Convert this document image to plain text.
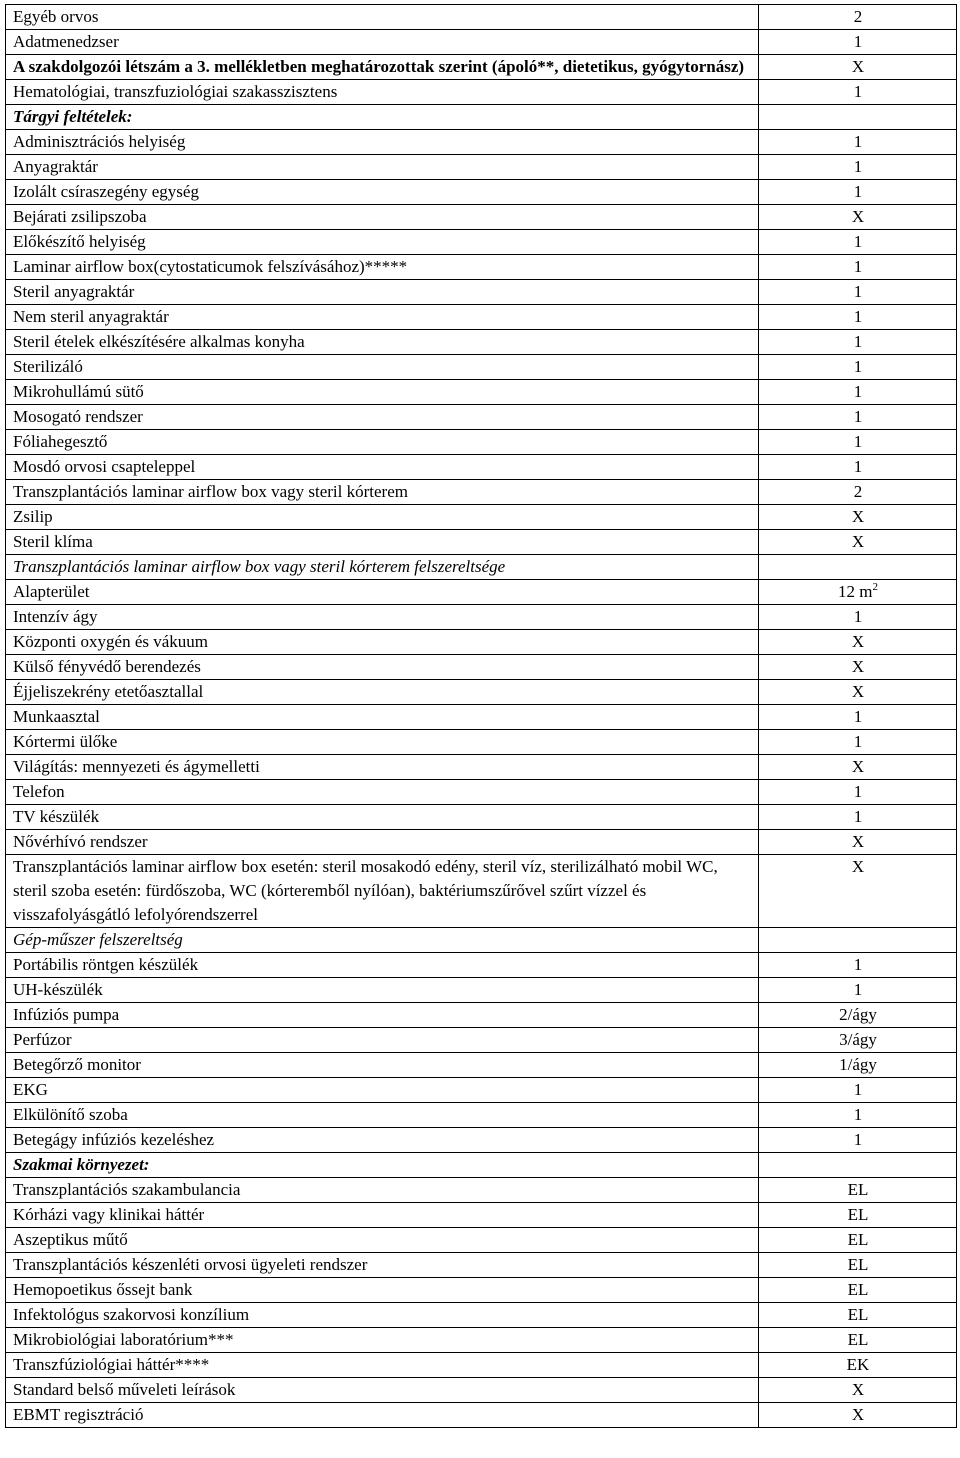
Egyéb orvos	2
Adatmenedzser	1
A szakdolgozói létszám a 3. mellékletben meghatározottak szerint (ápoló**, dietetikus, gyógytornász)	X
Hematológiai, transzfuziológiai szakasszisztens	1
Tárgyi feltételek:	
Adminisztrációs helyiség	1
Anyagraktár	1
Izolált csíraszegény egység	1
Bejárati zsilipszoba	X
Előkészítő helyiség	1
Laminar airflow box(cytostaticumok felszívásához)*****	1
Steril anyagraktár	1
Nem steril anyagraktár	1
Steril ételek elkészítésére alkalmas konyha	1
Sterilizáló	1
Mikrohullámú sütő	1
Mosogató rendszer	1
Fóliahegesztő	1
Mosdó orvosi csapteleppel	1
Transzplantációs laminar airflow box vagy steril kórterem	2
Zsilip	X
Steril klíma	X
Transzplantációs laminar airflow box vagy steril kórterem felszereltsége	
Alapterület	12 $m^2$
Intenzív ágy	1
Központi oxygén és vákuum	X
Külső fényvédő berendezés	X
Éjjeliszekrény etetőasztallal	X
Munkaasztal	1
Kórtermi ülőke	1
Világítás: mennyezeti és ágymelletti	X
Telefon	1
TV készülék	1
Nővérhívó rendszer	X
Transzplantációs laminar airflow box esetén: steril mosakodó edény, steril víz, sterilizálható mobil WC, steril szoba esetén: fürdőszoba, WC (kórteremből nyílóan), baktériumszűrővel szűrt vízzel és visszafolyásgátló lefolyórendszerrel	X
Gép-műszer felszereltség	
Portábilis röntgen készülék	1
UH-készülék	1
Infúziós pumpa	2/ágy
Perfúzor	3/ágy
Betegőrző monitor	1/ágy
EKG	1
Elkülönítő szoba	1
Betegágy infúziós kezeléshez	1
Szakmai környezet:	
Transzplantációs szakambulancia	EL
Kórházi vagy klinikai háttér	EL
Aszeptikus műtő	EL
Transzplantációs készenléti orvosi ügyeleti rendszer	EL
Hemopoetikus őssejt bank	EL
Infektológus szakorvosi konzílium	EL
Mikrobiológiai laboratórium***	EL
Transzfúziológiai háttér****	EK
Standard belső műveleti leírások	X
EBMT regisztráció	X
